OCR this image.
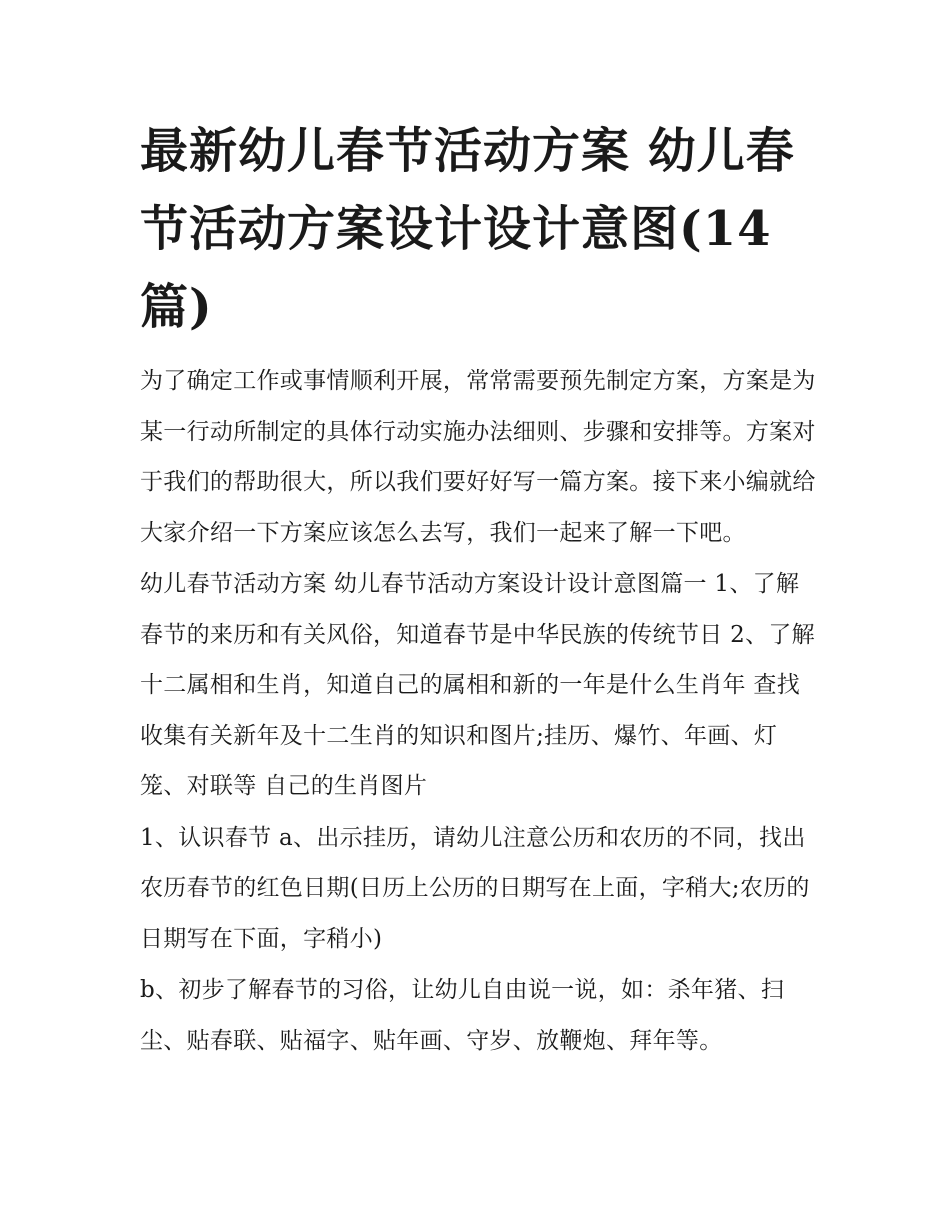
最新幼儿春节活动方案 幼儿春节活动方案设计设计意图(14篇)

为了确定工作或事情顺利开展，常常需要预先制定方案，方案是为某一行动所制定的具体行动实施办法细则、步骤和安排等。方案对于我们的帮助很大，所以我们要好好写一篇方案。接下来小编就给大家介绍一下方案应该怎么去写，我们一起来了解一下吧。

幼儿春节活动方案 幼儿春节活动方案设计设计意图篇一 1、了解春节的来历和有关风俗，知道春节是中华民族的传统节日 2、了解十二属相和生肖，知道自己的属相和新的一年是什么生肖年 查找收集有关新年及十二生肖的知识和图片;挂历、爆竹、年画、灯笼、对联等 自己的生肖图片

1、认识春节 a、出示挂历，请幼儿注意公历和农历的不同，找出农历春节的红色日期(日历上公历的日期写在上面，字稍大;农历的日期写在下面，字稍小)

b、初步了解春节的习俗，让幼儿自由说一说，如：杀年猪、扫尘、贴春联、贴福字、贴年画、守岁、放鞭炮、拜年等。
